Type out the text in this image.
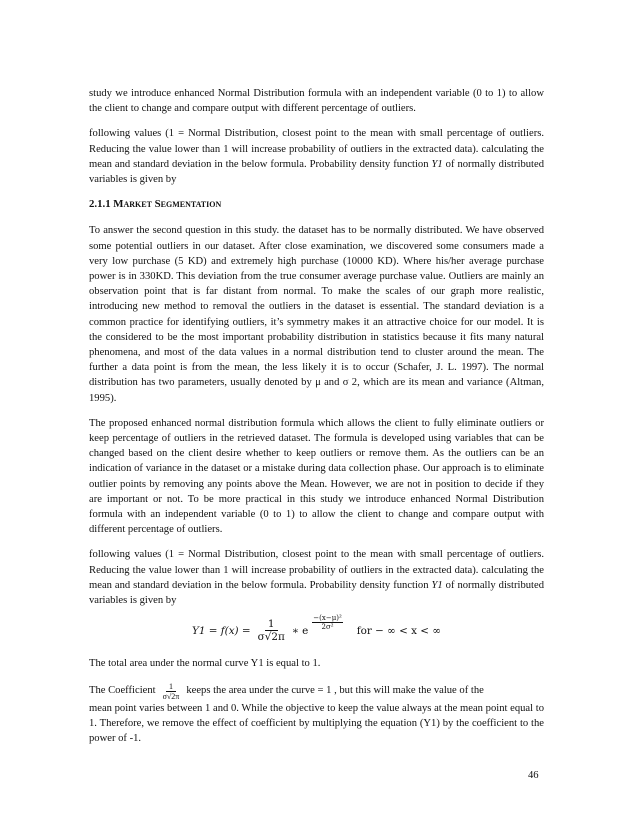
study we introduce enhanced Normal Distribution formula with an independent variable (0 to 1) to allow the client to change and compare output with different percentage of outliers.

following values (1 = Normal Distribution, closest point to the mean with small percentage of outliers. Reducing the value lower than 1 will increase probability of outliers in the extracted data). calculating the mean and standard deviation in the below formula. Probability density function Y1 of normally distributed variables is given by

2.1.1 Market Segmentation

To answer the second question in this study. the dataset has to be normally distributed. We have observed some potential outliers in our dataset. After close examination, we discovered some consumers made a very low purchase (5 KD) and extremely high purchase (10000 KD). Where his/her average purchase power is in 330KD. This deviation from the true consumer average purchase value. Outliers are mainly an observation point that is far distant from normal. To make the scales of our graph more realistic, introducing new method to removal the outliers in the dataset is essential. The standard deviation is a common practice for identifying outliers, it’s symmetry makes it an attractive choice for our model. It is the considered to be the most important probability distribution in statistics because it fits many natural phenomena, and most of the data values in a normal distribution tend to cluster around the mean. The further a data point is from the mean, the less likely it is to occur (Schafer, J. L. 1997). The normal distribution has two parameters, usually denoted by μ and σ 2, which are its mean and variance (Altman, 1995).

The proposed enhanced normal distribution formula which allows the client to fully eliminate outliers or keep percentage of outliers in the retrieved dataset. The formula is developed using variables that can be changed based on the client desire whether to keep outliers or remove them. As the outliers can be an indication of variance in the dataset or a mistake during data collection phase. Our approach is to eliminate outlier points by removing any points above the Mean. However, we are not in position to decide if they are important or not. To be more practical in this study we introduce enhanced Normal Distribution formula with an independent variable (0 to 1) to allow the client to change and compare output with different percentage of outliers.

following values (1 = Normal Distribution, closest point to the mean with small percentage of outliers. Reducing the value lower than 1 will increase probability of outliers in the extracted data). calculating the mean and standard deviation in the below formula. Probability density function Y1 of normally distributed variables is given by

$Y1 = f(x) = \frac{1}{\sigma√2\pi}$ ∗ e $\frac{\text{−(x−μ)²}}{\text{2σ²}}$ for − ∞ < x < ∞

The total area under the normal curve Y1 is equal to 1.

The Coefficient $\frac{1}{\sigma√2\pi}$ keeps the area under the curve = 1 , but this will make the value of the

mean point varies between 1 and 0. While the objective to keep the value always at the mean point equal to 1. Therefore, we remove the effect of coefficient by multiplying the equation (Y1) by the coefficient to the power of -1.

46
